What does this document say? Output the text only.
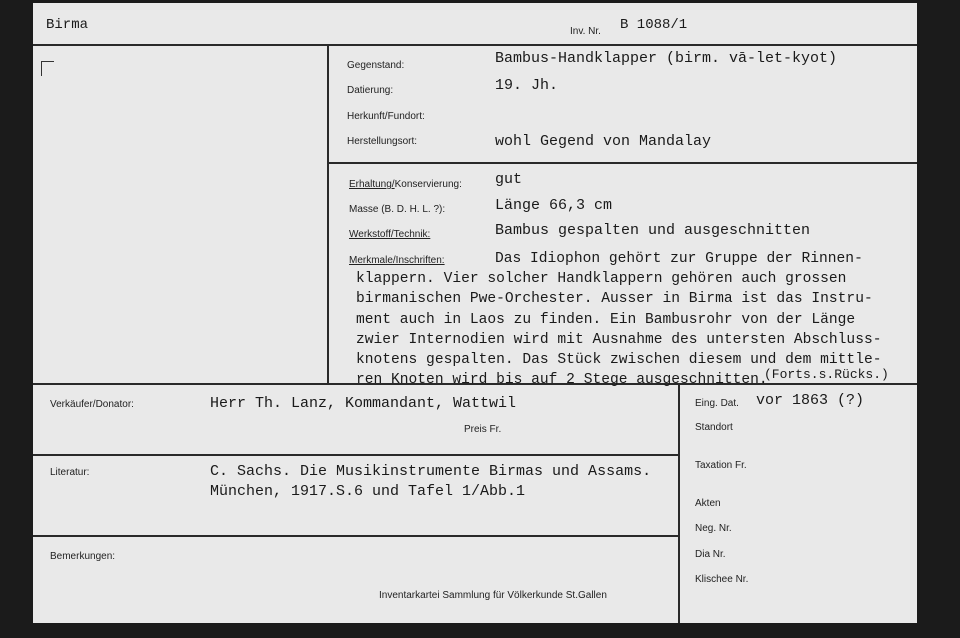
Birma	Inv. Nr. B 1088/1
Gegenstand:	Bambus-Handklapper (birm. vā-let-kyot)
Datierung:	19. Jh.
Herkunft/Fundort:
Herstellungsort:	wohl Gegend von Mandalay
Erhaltung/Konservierung: gut
Masse (B. D. H. L. ?):	Länge 66,3 cm
Werkstoff/Technik:	Bambus gespalten und ausgeschnitten
Merkmale/Inschriften:	Das Idiophon gehört zur Gruppe der Rinnen-
klappern. Vier solcher Handklappern gehören auch grossen
birmanischen Pwe-Orchester. Ausser in Birma ist das Instru-
ment auch in Laos zu finden. Ein Bambusrohr von der Länge
zwier Internodien wird mit Ausnahme des untersten Abschluss-
knotens gespalten. Das Stück zwischen diesem und dem mittle-
ren Knoten wird bis auf 2 Stege ausgeschnitten.
(Forts.s.Rücks.)
Verkäufer/Donator:	Herr Th. Lanz, Kommandant, Wattwil
Preis Fr.
Literatur:	C. Sachs. Die Musikinstrumente Birmas und Assams.
München, 1917.S.6 und Tafel 1/Abb.1
Bemerkungen:
Eing. Dat. vor 1863 (?)
Standort
Taxation Fr.
Akten
Neg. Nr.
Dia Nr.
Klischee Nr.
Inventarkartei Sammlung für Völkerkunde St.Gallen
